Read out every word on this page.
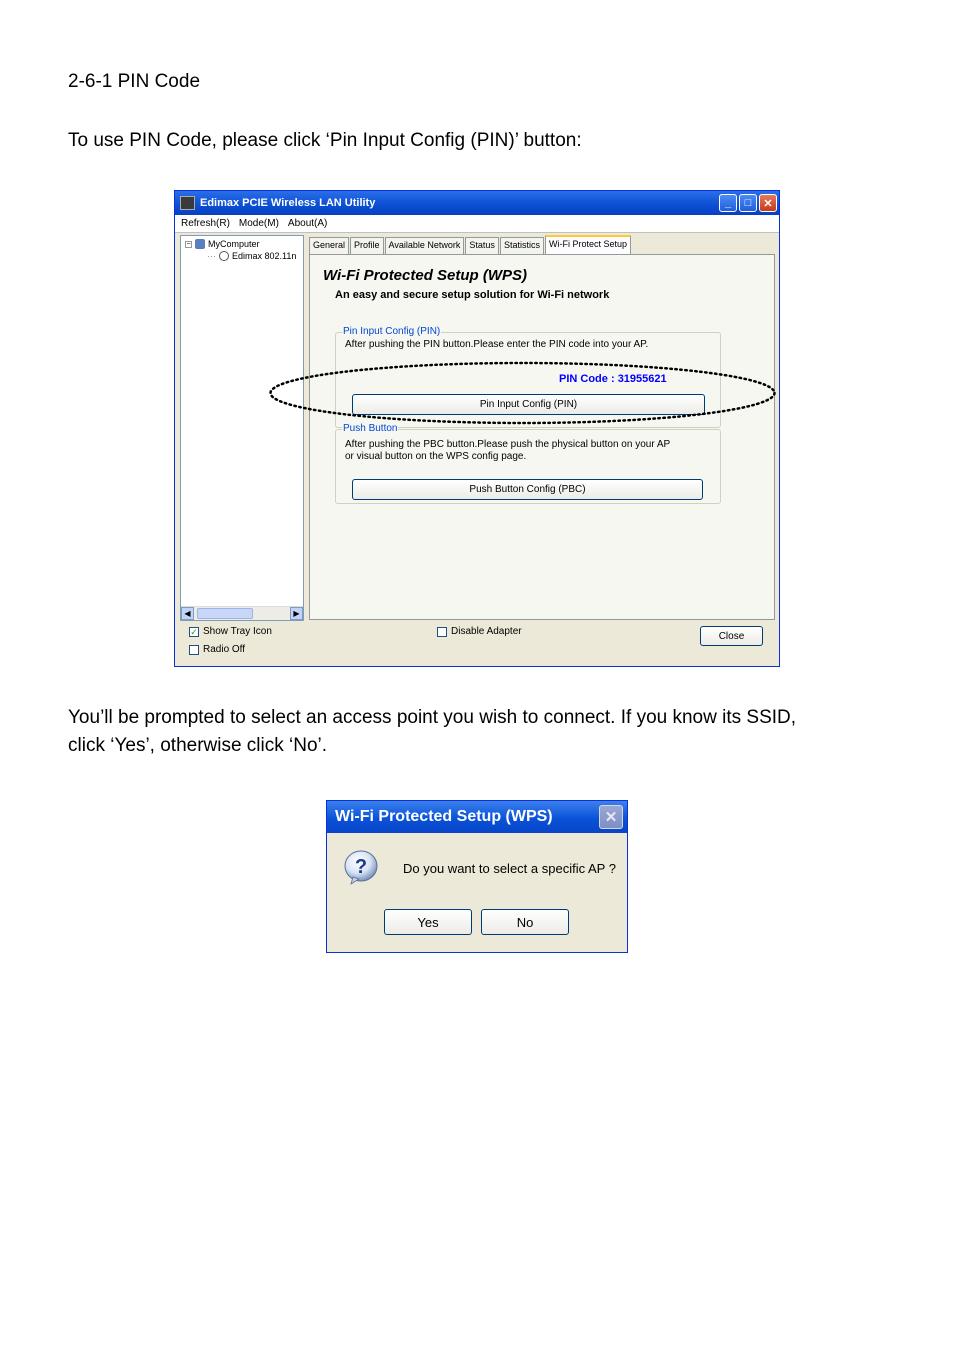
2-6-1 PIN Code
To use PIN Code, please click ‘Pin Input Config (PIN)’ button:
Edimax PCIE Wireless LAN Utility	_	□	✕
Refresh(R) Mode(M) About(A)
− MyComputer
··· Edimax 802.11n
◀	▶
General	Profile	Available Network	Status	Statistics	Wi-Fi Protect Setup
Wi-Fi Protected Setup (WPS)
An easy and secure setup solution for Wi-Fi network
Pin Input Config (PIN)
After pushing the PIN button.Please enter the PIN code into your AP.
PIN Code : 31955621
Pin Input Config (PIN)
Push Button
After pushing the PBC button.Please push the physical button on your AP
or visual button on the WPS config page.
Push Button Config (PBC)
✓ Show Tray Icon
Radio Off
Disable Adapter	Close
You’ll be prompted to select an access point you wish to connect. If you know its SSID,
click ‘Yes’, otherwise click ‘No’.
Wi-Fi Protected Setup (WPS)	✕
?	Do you want to select a specific AP ?
Yes	No
